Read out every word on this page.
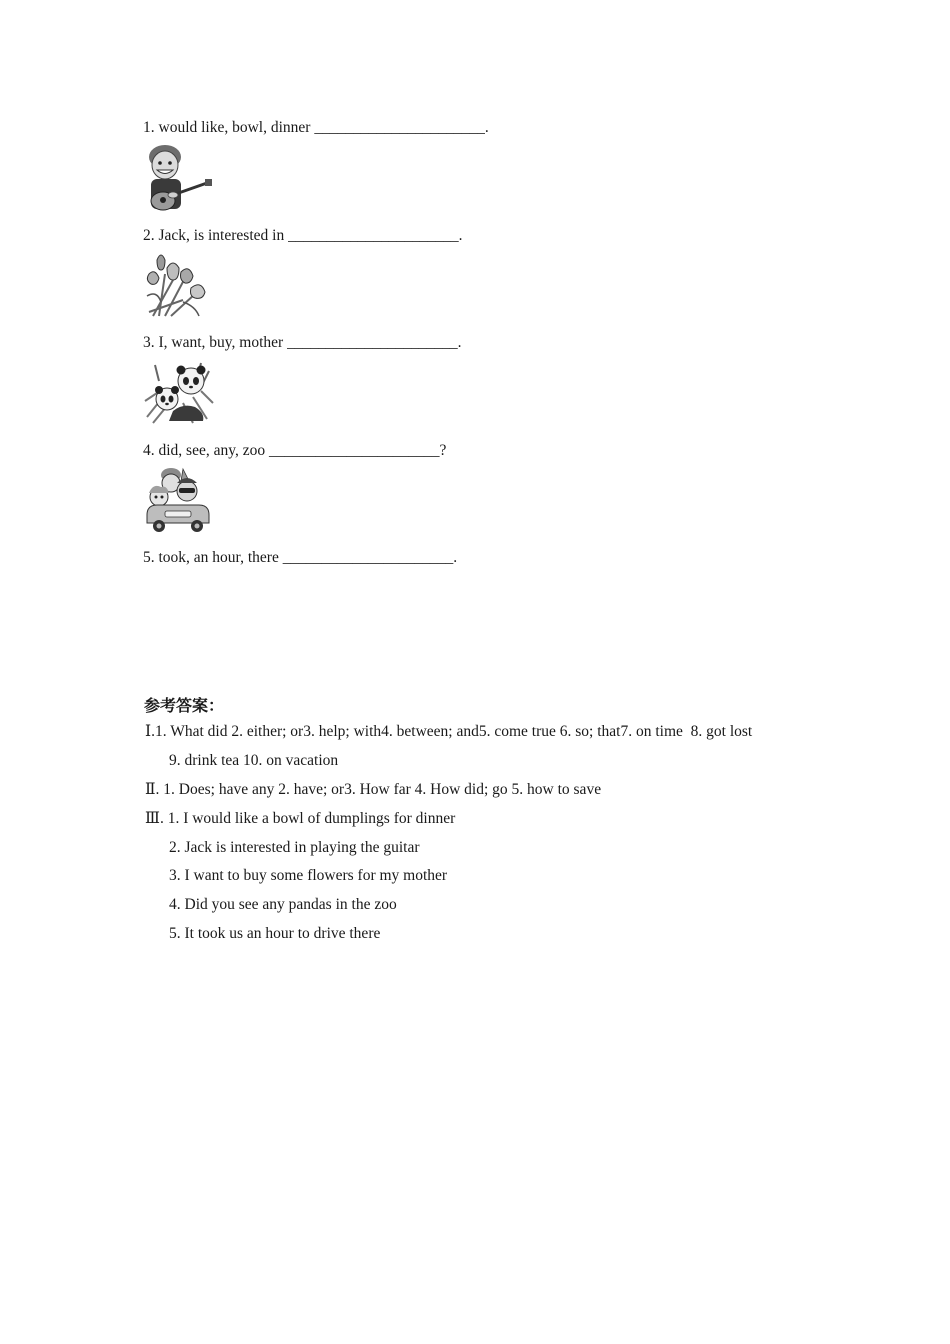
1. would like, bowl, dinner ______________________.
2. Jack, is interested in ______________________.
3. I, want, buy, mother ______________________.
4. did, see, any, zoo ______________________?
5. took, an hour, there ______________________.
参考答案：
Ⅰ.1. What did 2. either; or3. help; with4. between; and5. come true 6. so; that7. on time  8. got lost
9. drink tea 10. on vacation
Ⅱ. 1. Does; have any 2. have; or3. How far 4. How did; go 5. how to save
Ⅲ. 1. I would like a bowl of dumplings for dinner
2. Jack is interested in playing the guitar
3. I want to buy some flowers for my mother
4. Did you see any pandas in the zoo
5. It took us an hour to drive there
